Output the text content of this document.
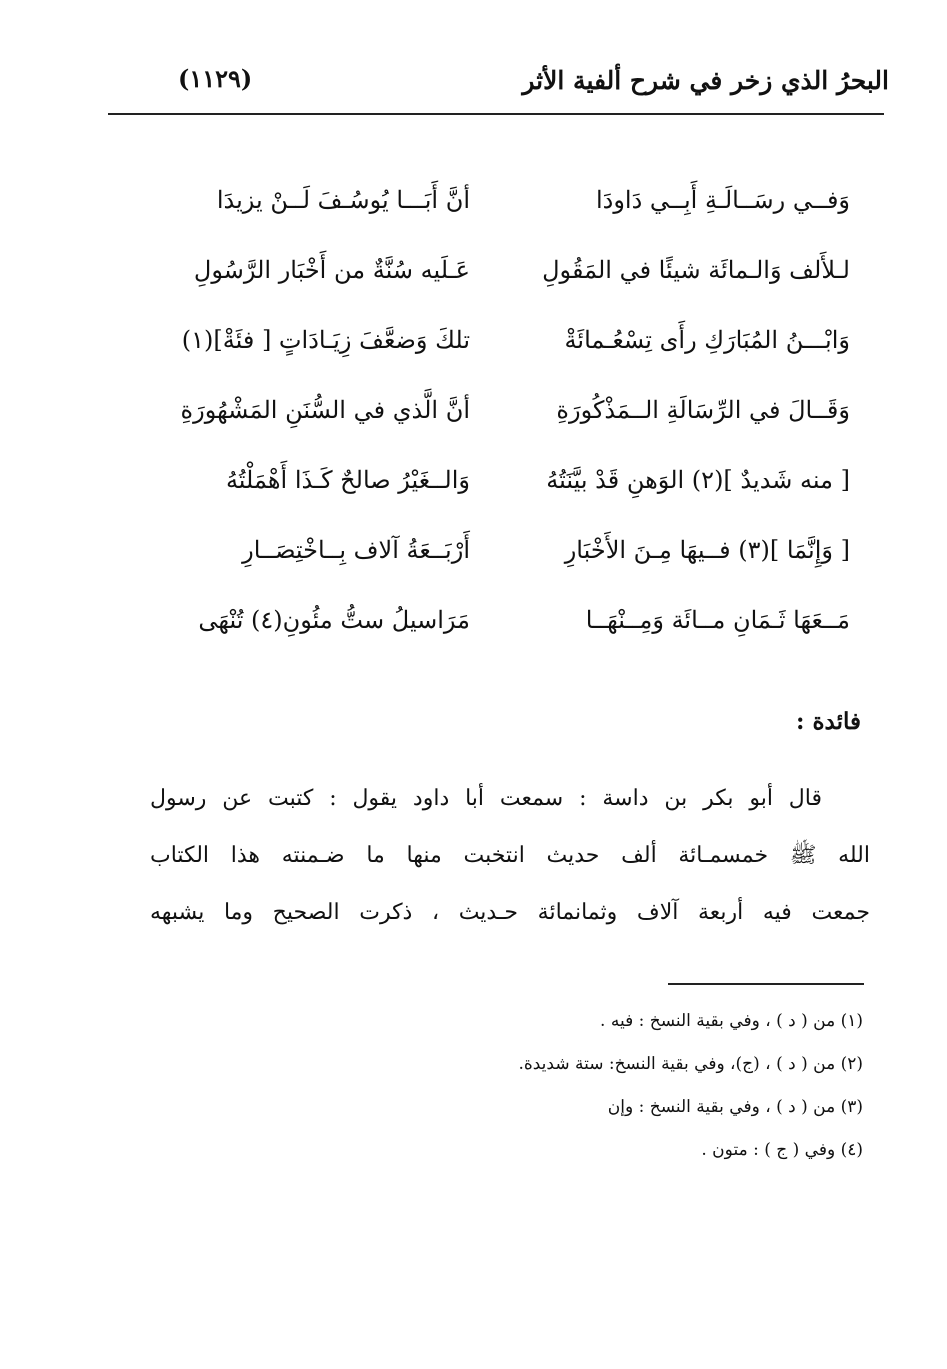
البحرُ الذي زخر في شرح ألفية الأثر
(١١٢٩)
وَفــي رسَــالَـةِ أَبِــي دَاودَا
أنَّ أَبَـــا يُوسُـفَ لَــنْ يزيدَا
لـلأَلف وَالـمائَة شيئًا في المَقُولِ
عَـلَيه سُنَّةٌ من أَخْبَار الرَّسُولِ
وَابْـــنُ المُبَارَكِ رأَى تِسْعُـمائَةْ
تلكَ وَضعَّفَ زِيَـادَاتٍ [ فئَةْ](١)
وَقَــالَ في الرِّسَالَةِ الــمَذْكُورَةِ
أنَّ الَّذي في السُّنَنِ المَشْهُورَةِ
[ منه شَديدٌ ](٢) الوَهنِ قَدْ بيَّنَتُهُ
وَالــغَيْرُ صالحٌ كَـذَا أَهْمَلْتُهُ
[ وَإِنَّمَا ](٣) فــيهَا مِـنَ الأَخْبَارِ
أَرْبَــعَةُ آلاف بِــاخْتِصَــارِ
مَــعَهَا ثَـمَانِ مــائَة وَمِــنْهَــا
مَرَاسيلُ ستُّ مئُونِ(٤) تُنْهَى
فائدة :
قال أبو بكر بن داسة : سمعت أبا داود يقول : كتبت عن رسول
الله ﷺ خمسمـائة ألف حديث انتخبت منها ما ضـمنته هذا الكتاب
جمعت فيه أربعة آلاف وثمانمائة حـديث ، ذكرت الصحيح وما يشبهه
(١) من ( د ) ، وفي بقية النسخ : فيه .
(٢) من ( د ) ، (ج)، وفي بقية النسخ: ستة شديدة.
(٣) من ( د ) ، وفي بقية النسخ : وإن
(٤) وفي ( ج ) : متون .
